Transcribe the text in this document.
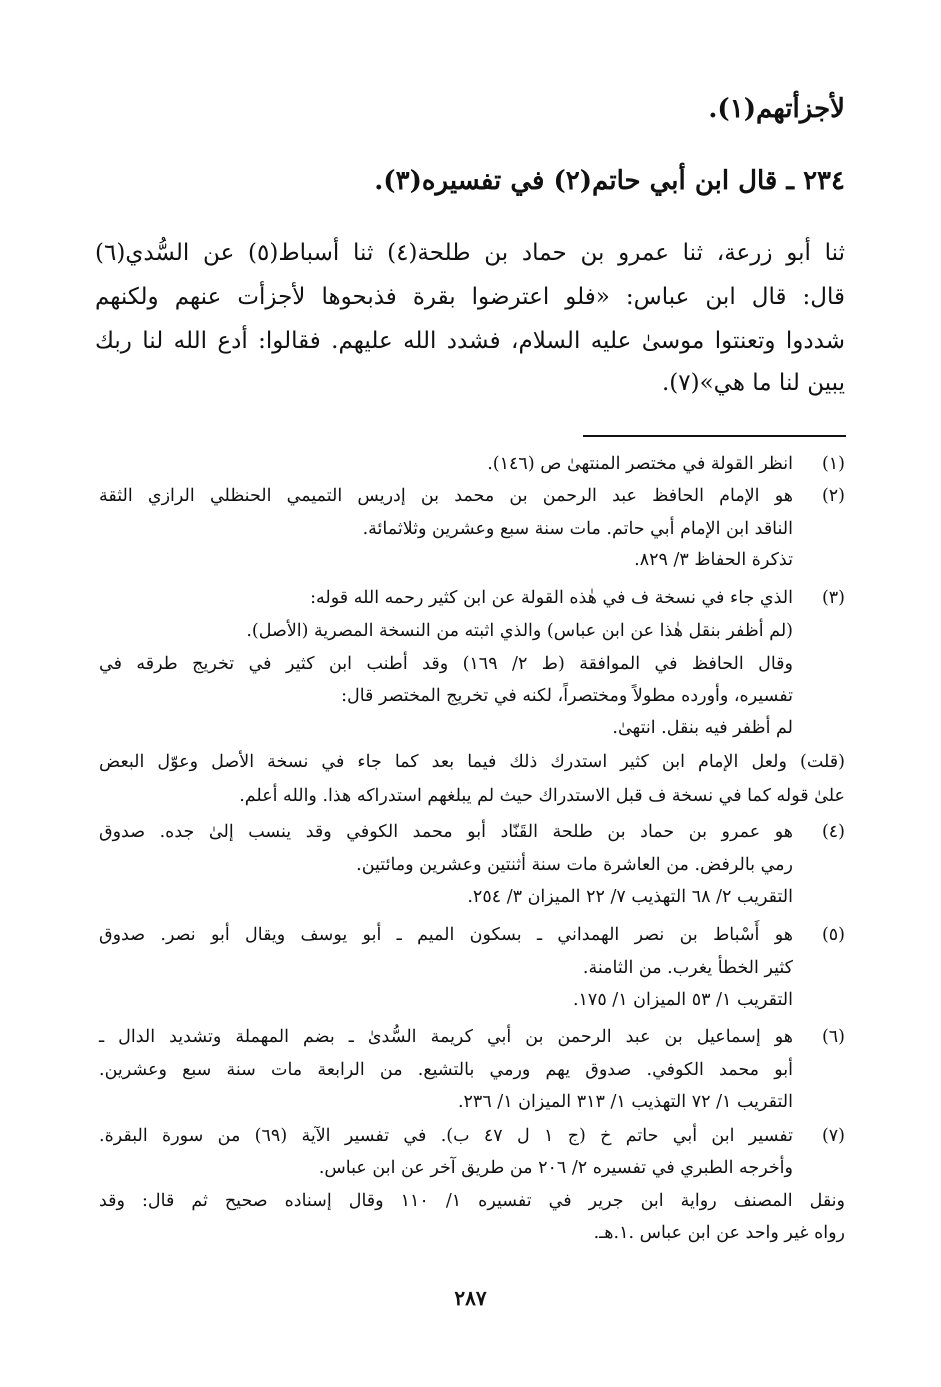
لأجزأتهم(١).
٢٣٤ ـ قال ابن أبي حاتم(٢) في تفسيره(٣).
ثنا أبو زرعة، ثنا عمرو بن حماد بن طلحة(٤) ثنا أسباط(٥) عن السُّدي(٦)
قال: قال ابن عباس: «فلو اعترضوا بقرة فذبحوها لأجزأت عنهم ولكنهم
شددوا وتعنتوا موسىٰ عليه السلام، فشدد الله عليهم. فقالوا: أدع الله لنا ربك
يبين لنا ما هي»(٧).
(١)
انظر القولة في مختصر المنتهىٰ ص (١٤٦).
(٢)
هو الإمام الحافظ عبد الرحمن بن محمد بن إدريس التميمي الحنظلي الرازي الثقة
الناقد ابن الإمام أبي حاتم. مات سنة سبع وعشرين وثلاثمائة.
تذكرة الحفاظ ٣/ ٨٢٩.
(٣)
الذي جاء في نسخة ف في هٰذه القولة عن ابن كثير رحمه الله قوله:
(لم أظفر بنقل هٰذا عن ابن عباس) والذي اثبته من النسخة المصرية (الأصل).
وقال الحافظ في الموافقة (ط ٢/ ١٦٩) وقد أطنب ابن كثير في تخريج طرقه في
تفسيره، وأورده مطولاً ومختصراً، لكنه في تخريج المختصر قال:
لم أظفر فيه بنقل. انتهىٰ.
(قلت) ولعل الإمام ابن كثير استدرك ذلك فيما بعد كما جاء في نسخة الأصل وعوّل البعض
علىٰ قوله كما في نسخة ف قبل الاستدراك حيث لم يبلغهم استدراكه هذا. والله أعلم.
(٤)
هو عمرو بن حماد بن طلحة القَنّاد أبو محمد الكوفي وقد ينسب إلىٰ جده. صدوق
رمي بالرفض. من العاشرة مات سنة أثنتين وعشرين ومائتين.
التقريب ٢/ ٦٨ التهذيب ٧/ ٢٢ الميزان ٣/ ٢٥٤.
(٥)
هو أَسْباط بن نصر الهمداني ـ بسكون الميم ـ أبو يوسف ويقال أبو نصر. صدوق
كثير الخطأ يغرب. من الثامنة.
التقريب ١/ ٥٣ الميزان ١/ ١٧٥.
(٦)
هو إسماعيل بن عبد الرحمن بن أبي كريمة السُّدىٰ ـ بضم المهملة وتشديد الدال ـ
أبو محمد الكوفي. صدوق يهم ورمي بالتشيع. من الرابعة مات سنة سبع وعشرين.
التقريب ١/ ٧٢ التهذيب ١/ ٣١٣ الميزان ١/ ٢٣٦.
(٧)
تفسير ابن أبي حاتم خ (ج ١ ل ٤٧ ب). في تفسير الآية (٦٩) من سورة البقرة.
وأخرجه الطبري في تفسيره ٢/ ٢٠٦ من طريق آخر عن ابن عباس.
ونقل المصنف رواية ابن جرير في تفسيره ١/ ١١٠ وقال إسناده صحيح ثم قال: وقد
رواه غير واحد عن ابن عباس .١.هـ.
٢٨٧
